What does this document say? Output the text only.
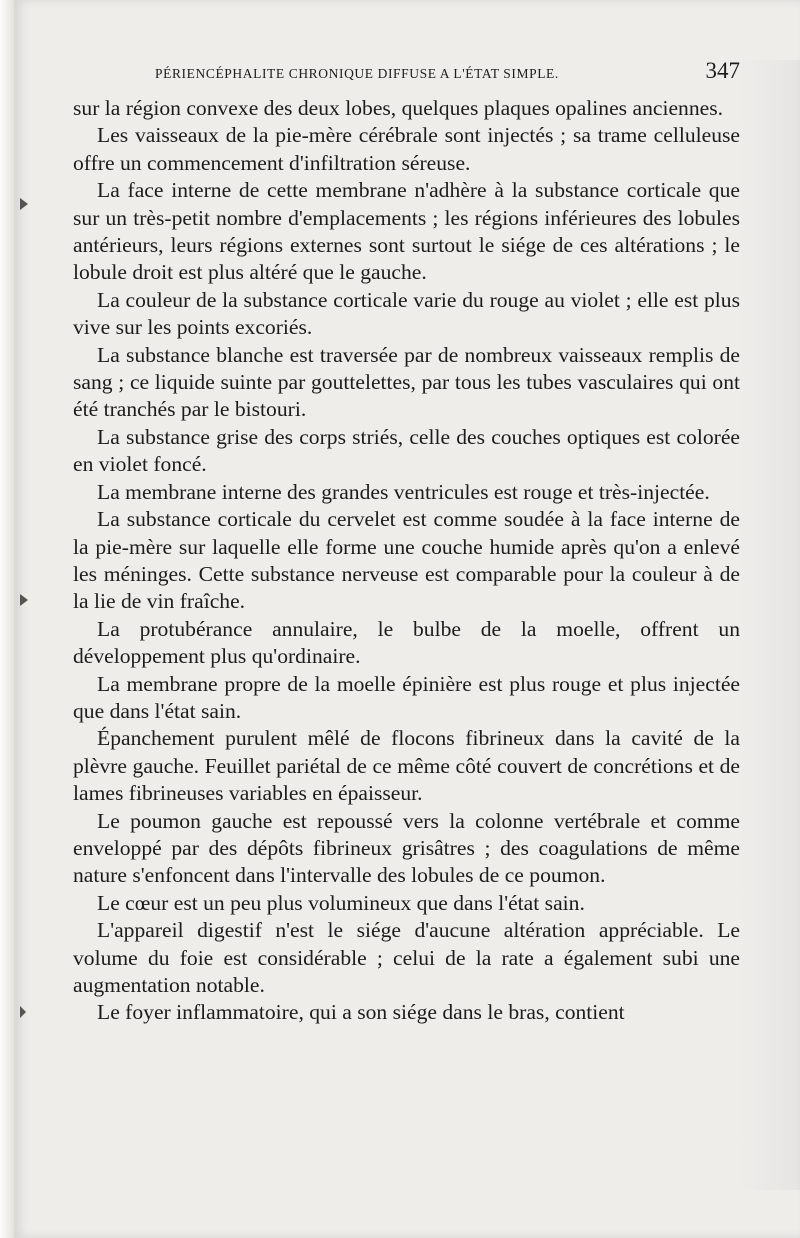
PÉRIENCÉPHALITE CHRONIQUE DIFFUSE A L'ÉTAT SIMPLE.	347

sur la région convexe des deux lobes, quelques plaques opalines anciennes.

Les vaisseaux de la pie-mère cérébrale sont injectés ; sa trame celluleuse offre un commencement d'infiltration séreuse.

La face interne de cette membrane n'adhère à la substance corticale que sur un très-petit nombre d'emplacements ; les régions inférieures des lobules antérieurs, leurs régions externes sont surtout le siége de ces altérations ; le lobule droit est plus altéré que le gauche.

La couleur de la substance corticale varie du rouge au violet ; elle est plus vive sur les points excoriés.

La substance blanche est traversée par de nombreux vaisseaux remplis de sang ; ce liquide suinte par gouttelettes, par tous les tubes vasculaires qui ont été tranchés par le bistouri.

La substance grise des corps striés, celle des couches optiques est colorée en violet foncé.

La membrane interne des grandes ventricules est rouge et très-injectée.

La substance corticale du cervelet est comme soudée à la face interne de la pie-mère sur laquelle elle forme une couche humide après qu'on a enlevé les méninges. Cette substance nerveuse est comparable pour la couleur à de la lie de vin fraîche.

La protubérance annulaire, le bulbe de la moelle, offrent un développement plus qu'ordinaire.

La membrane propre de la moelle épinière est plus rouge et plus injectée que dans l'état sain.

Épanchement purulent mêlé de flocons fibrineux dans la cavité de la plèvre gauche. Feuillet pariétal de ce même côté couvert de concrétions et de lames fibrineuses variables en épaisseur.

Le poumon gauche est repoussé vers la colonne vertébrale et comme enveloppé par des dépôts fibrineux grisâtres ; des coagulations de même nature s'enfoncent dans l'intervalle des lobules de ce poumon.

Le cœur est un peu plus volumineux que dans l'état sain.

L'appareil digestif n'est le siége d'aucune altération appréciable. Le volume du foie est considérable ; celui de la rate a également subi une augmentation notable.

Le foyer inflammatoire, qui a son siége dans le bras, contient
